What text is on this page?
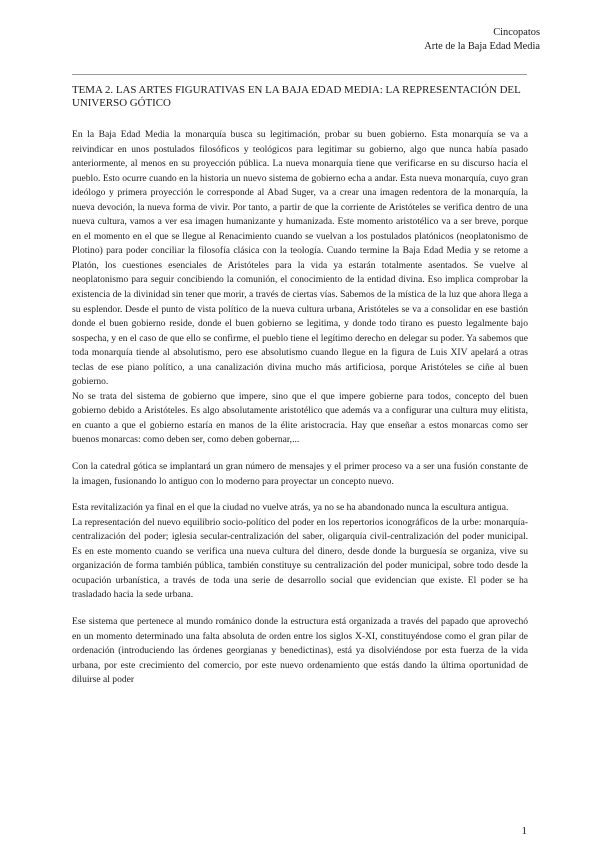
Cincopatos
Arte de la Baja Edad Media
TEMA 2. LAS ARTES FIGURATIVAS EN LA BAJA EDAD MEDIA: LA REPRESENTACIÓN DEL UNIVERSO GÓTICO

En la Baja Edad Media la monarquía busca su legitimación, probar su buen gobierno. Esta monarquía se va a reivindicar en unos postulados filosóficos y teológicos para legitimar su gobierno, algo que nunca había pasado anteriormente, al menos en su proyección pública. La nueva monarquía tiene que verificarse en su discurso hacia el pueblo. Esto ocurre cuando en la historia un nuevo sistema de gobierno echa a andar. Esta nueva monarquía, cuyo gran ideólogo y primera proyección le corresponde al Abad Suger, va a crear una imagen redentora de la monarquía, la nueva devoción, la nueva forma de vivir. Por tanto, a partir de que la corriente de Aristóteles se verifica dentro de una nueva cultura, vamos a ver esa imagen humanizante y humanizada. Este momento aristotélico va a ser breve, porque en el momento en el que se llegue al Renacimiento cuando se vuelvan a los postulados platónicos (neoplatonismo de Plotino) para poder conciliar la filosofía clásica con la teología. Cuando termine la Baja Edad Media y se retome a Platón, los cuestiones esenciales de Aristóteles para la vida ya estarán totalmente asentados. Se vuelve al neoplatonismo para seguir concibiendo la comunión, el conocimiento de la entidad divina. Eso implica comprobar la existencia de la divinidad sin tener que morir, a través de ciertas vías. Sabemos de la mística de la luz que ahora llega a su esplendor. Desde el punto de vista político de la nueva cultura urbana, Aristóteles se va a consolidar en ese bastión donde el buen gobierno reside, donde el buen gobierno se legitima, y donde todo tirano es puesto legalmente bajo sospecha, y en el caso de que ello se confirme, el pueblo tiene el legítimo derecho en delegar su poder. Ya sabemos que toda monarquía tiende al absolutismo, pero ese absolutismo cuando llegue en la figura de Luis XIV apelará a otras teclas de ese piano político, a una canalización divina mucho más artificiosa, porque Aristóteles se ciñe al buen gobierno.

No se trata del sistema de gobierno que impere, sino que el que impere gobierne para todos, concepto del buen gobierno debido a Aristóteles. Es algo absolutamente aristotélico que además va a configurar una cultura muy elitista, en cuanto a que el gobierno estaría en manos de la élite aristocracia. Hay que enseñar a estos monarcas como ser buenos monarcas: como deben ser, como deben gobernar,...

Con la catedral gótica se implantará un gran número de mensajes y el primer proceso va a ser una fusión constante de la imagen, fusionando lo antiguo con lo moderno para proyectar un concepto nuevo.

Esta revitalización ya final en el que la ciudad no vuelve atrás, ya no se ha abandonado nunca la escultura antigua.

La representación del nuevo equilibrio socio-político del poder en los repertorios iconográficos de la urbe: monarquía-centralización del poder; iglesia secular-centralización del saber, oligarquía civil-centralización del poder municipal. Es en este momento cuando se verifica una nueva cultura del dinero, desde donde la burguesía se organiza, vive su organización de forma también pública, también constituye su centralización del poder municipal, sobre todo desde la ocupación urbanística, a través de toda una serie de desarrollo social que evidencian que existe. El poder se ha trasladado hacia la sede urbana.

Ese sistema que pertenece al mundo románico donde la estructura está organizada a través del papado que aprovechó en un momento determinado una falta absoluta de orden entre los siglos X-XI, constituyéndose como el gran pilar de ordenación (introduciendo las órdenes georgianas y benedictinas), está ya disolviéndose por esta fuerza de la vida urbana, por este crecimiento del comercio, por este nuevo ordenamiento que estás dando la última oportunidad de diluirse al poder

1
